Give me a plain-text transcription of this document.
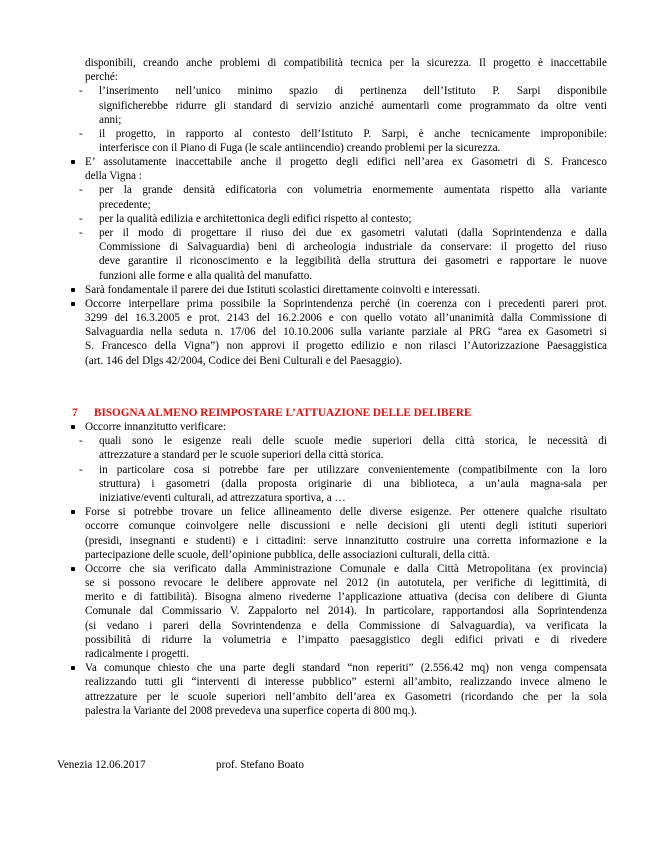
disponibili, creando anche problemi di compatibilità tecnica per la sicurezza. Il progetto è inaccettabile
perché:
-	l’inserimento nell’unico minimo spazio di pertinenza dell’Istituto P. Sarpi disponibile
significherebbe ridurre gli standard di servizio anziché aumentarli come programmato da oltre venti
anni;
-	il progetto, in rapporto al contesto dell’Istituto P. Sarpi, è anche tecnicamente improponibile:
interferisce con il Piano di Fuga (le scale antiincendio) creando problemi per la sicurezza.
E’ assolutamente inaccettabile anche il progetto degli edifici nell’area ex Gasometri di S. Francesco
della Vigna :
-	per la grande densità edificatoria con volumetria enormemente aumentata rispetto alla variante
precedente;
-	per la qualità edilizia e architettonica degli edifici rispetto al contesto;
-	per il modo di progettare il riuso dei due ex gasometri valutati (dalla Soprintendenza e dalla
Commissione di Salvaguardia) beni di archeologia industriale da conservare: il progetto del riuso
deve garantire il riconoscimento e la leggibilità della struttura dei gasometri e rapportare le nuove
funzioni alle forme e alla qualità del manufatto.
Sarà fondamentale il parere dei due Istituti scolastici direttamente coinvolti e interessati.
Occorre interpellare prima possibile la Soprintendenza perché (in coerenza con i precedenti pareri prot.
3299 del 16.3.2005 e prot. 2143 del 16.2.2006 e con quello votato all’unanimità dalla Commissione di
Salvaguardia nella seduta n. 17/06 del 10.10.2006 sulla variante parziale al PRG “area ex Gasometri si
S. Francesco della Vigna”) non approvi il progetto edilizio e non rilasci l’Autorizzazione Paesaggistica
(art. 146 del Dlgs 42/2004, Codice dei Beni Culturali e del Paesaggio).
7 BISOGNA ALMENO REIMPOSTARE L’ATTUAZIONE DELLE DELIBERE
Occorre innanzitutto verificare:
-	quali sono le esigenze reali delle scuole medie superiori della città storica, le necessità di
attrezzature a standard per le scuole superiori della città storica.
-	in particolare cosa si potrebbe fare per utilizzare convenientemente (compatibilmente con la loro
struttura) i gasometri (dalla proposta originarie di una biblioteca, a un’aula magna-sala per
iniziative/eventi culturali, ad attrezzatura sportiva, a …
Forse si potrebbe trovare un felice allineamento delle diverse esigenze. Per ottenere qualche risultato
occorre comunque coinvolgere nelle discussioni e nelle decisioni gli utenti degli istituti superiori
(presidi, insegnanti e studenti) e i cittadini: serve innanzitutto costruire una corretta informazione e la
partecipazione delle scuole, dell’opinione pubblica, delle associazioni culturali, della città.
Occorre che sia verificato dalla Amministrazione Comunale e dalla Città Metropolitana (ex provincia)
se si possono revocare le delibere approvate nel 2012 (in autotutela, per verifiche di legittimità, di
merito e di fattibilità). Bisogna almeno rivederne l’applicazione attuativa (decisa con delibere di Giunta
Comunale dal Commissario V. Zappalorto nel 2014). In particolare, rapportandosi alla Soprintendenza
(si vedano i pareri della Sovrintendenza e della Commissione di Salvaguardia), va verificata la
possibilità di ridurre la volumetria e l’impatto paesaggistico degli edifici privati e di rivedere
radicalmente i progetti.
Va comunque chiesto che una parte degli standard “non reperiti” (2.556.42 mq) non venga compensata
realizzando tutti gli “interventi di interesse pubblico” esterni all’ambito, realizzando invece almeno le
attrezzature per le scuole superiori nell’ambito dell’area ex Gasometri (ricordando che per la sola
palestra la Variante del 2008 prevedeva una superfice coperta di 800 mq.).
Venezia 12.06.2017	prof. Stefano Boato
